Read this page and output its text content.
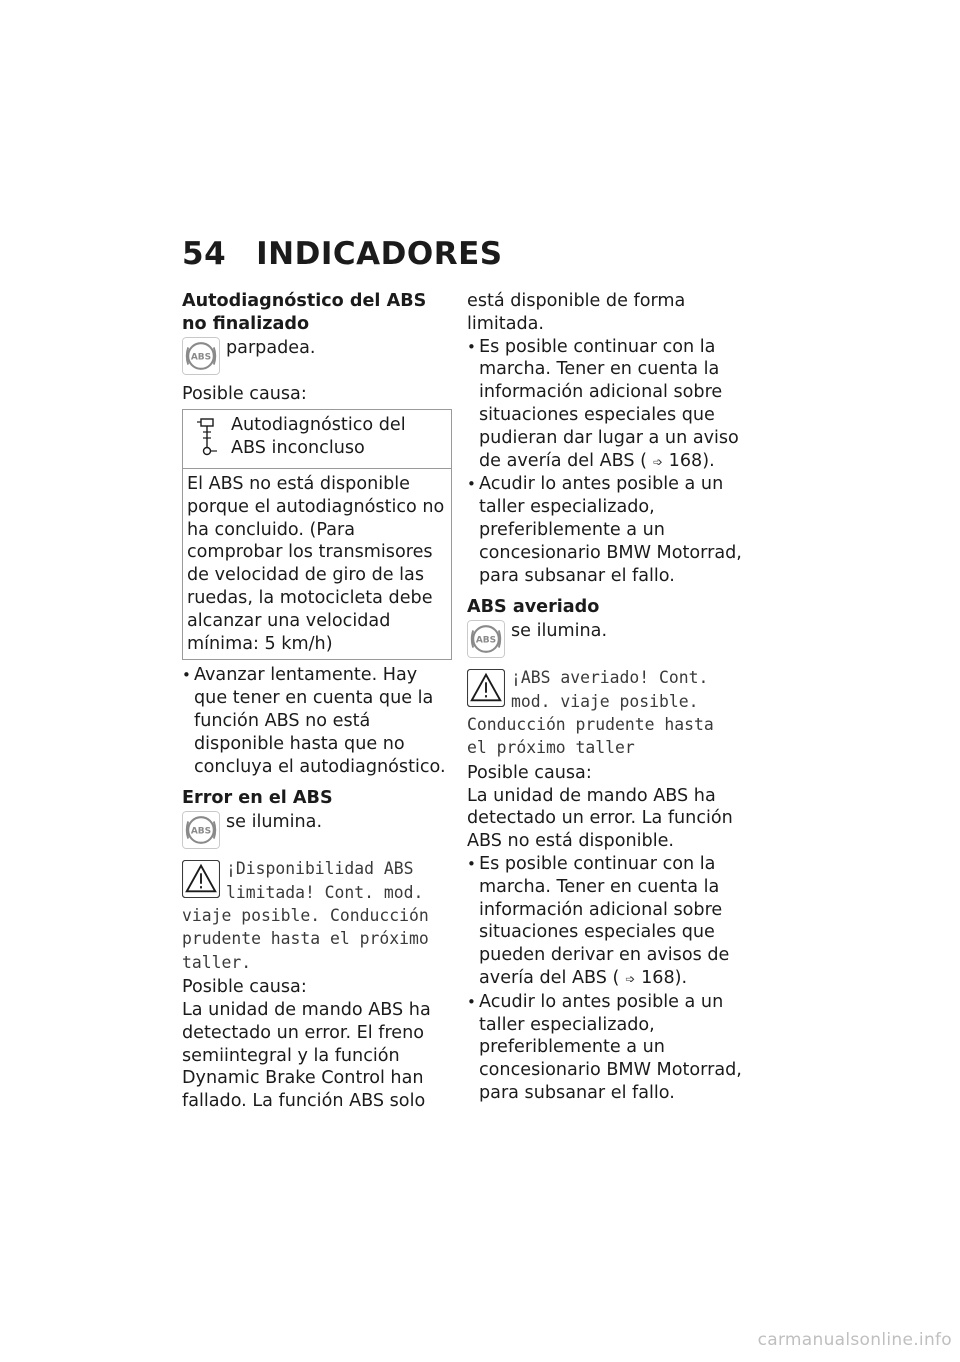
54 INDICADORES
Autodiagnóstico del ABS no finalizado
parpadea.
Posible causa:
Autodiagnóstico del ABS inconcluso
El ABS no está disponible porque el autodiagnóstico no ha concluido. (Para comprobar los transmisores de velocidad de giro de las ruedas, la motocicleta debe alcanzar una velocidad mínima: 5 km/h)
• Avanzar lentamente. Hay que tener en cuenta que la función ABS no está disponible hasta que no concluya el autodiagnóstico.
Error en el ABS
se ilumina.
¡Disponibilidad ABS limitada! Cont. mod. viaje posible. Conducción prudente hasta el próximo taller.
Posible causa:
La unidad de mando ABS ha detectado un error. El freno semiintegral y la función Dynamic Brake Control han fallado. La función ABS solo
está disponible de forma limitada.
• Es posible continuar con la marcha. Tener en cuenta la información adicional sobre situaciones especiales que pudieran dar lugar a un aviso de avería del ABS ( ➩ 168).
• Acudir lo antes posible a un taller especializado, preferiblemente a un concesionario BMW Motorrad, para subsanar el fallo.
ABS averiado
se ilumina.
¡ABS averiado! Cont. mod. viaje posible. Conducción prudente hasta el próximo taller
Posible causa:
La unidad de mando ABS ha detectado un error. La función ABS no está disponible.
• Es posible continuar con la marcha. Tener en cuenta la información adicional sobre situaciones especiales que pueden derivar en avisos de avería del ABS ( ➩ 168).
• Acudir lo antes posible a un taller especializado, preferiblemente a un concesionario BMW Motorrad, para subsanar el fallo.
carmanualsonline.info
